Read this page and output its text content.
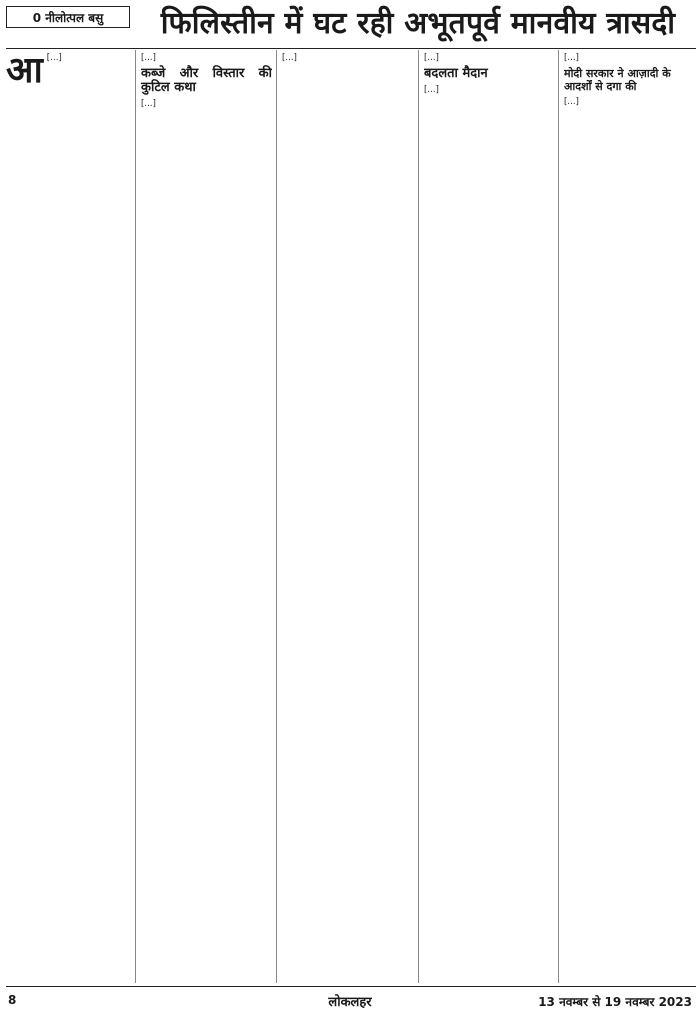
0 नीलोत्पल बसु	फिलिस्तीन में घट रही अभूतपूर्व मानवीय त्रासदी
आ […]	[…]

कब्जे और विस्तार की कुटिल कथा

[…]

[…]	[…]

बदलता मैदान

[…]

[…]

मोदी सरकार ने आज़ादी के आदर्शों से दगा की

[…]

8	लोकलहर	13 नवम्बर से 19 नवम्बर 2023
